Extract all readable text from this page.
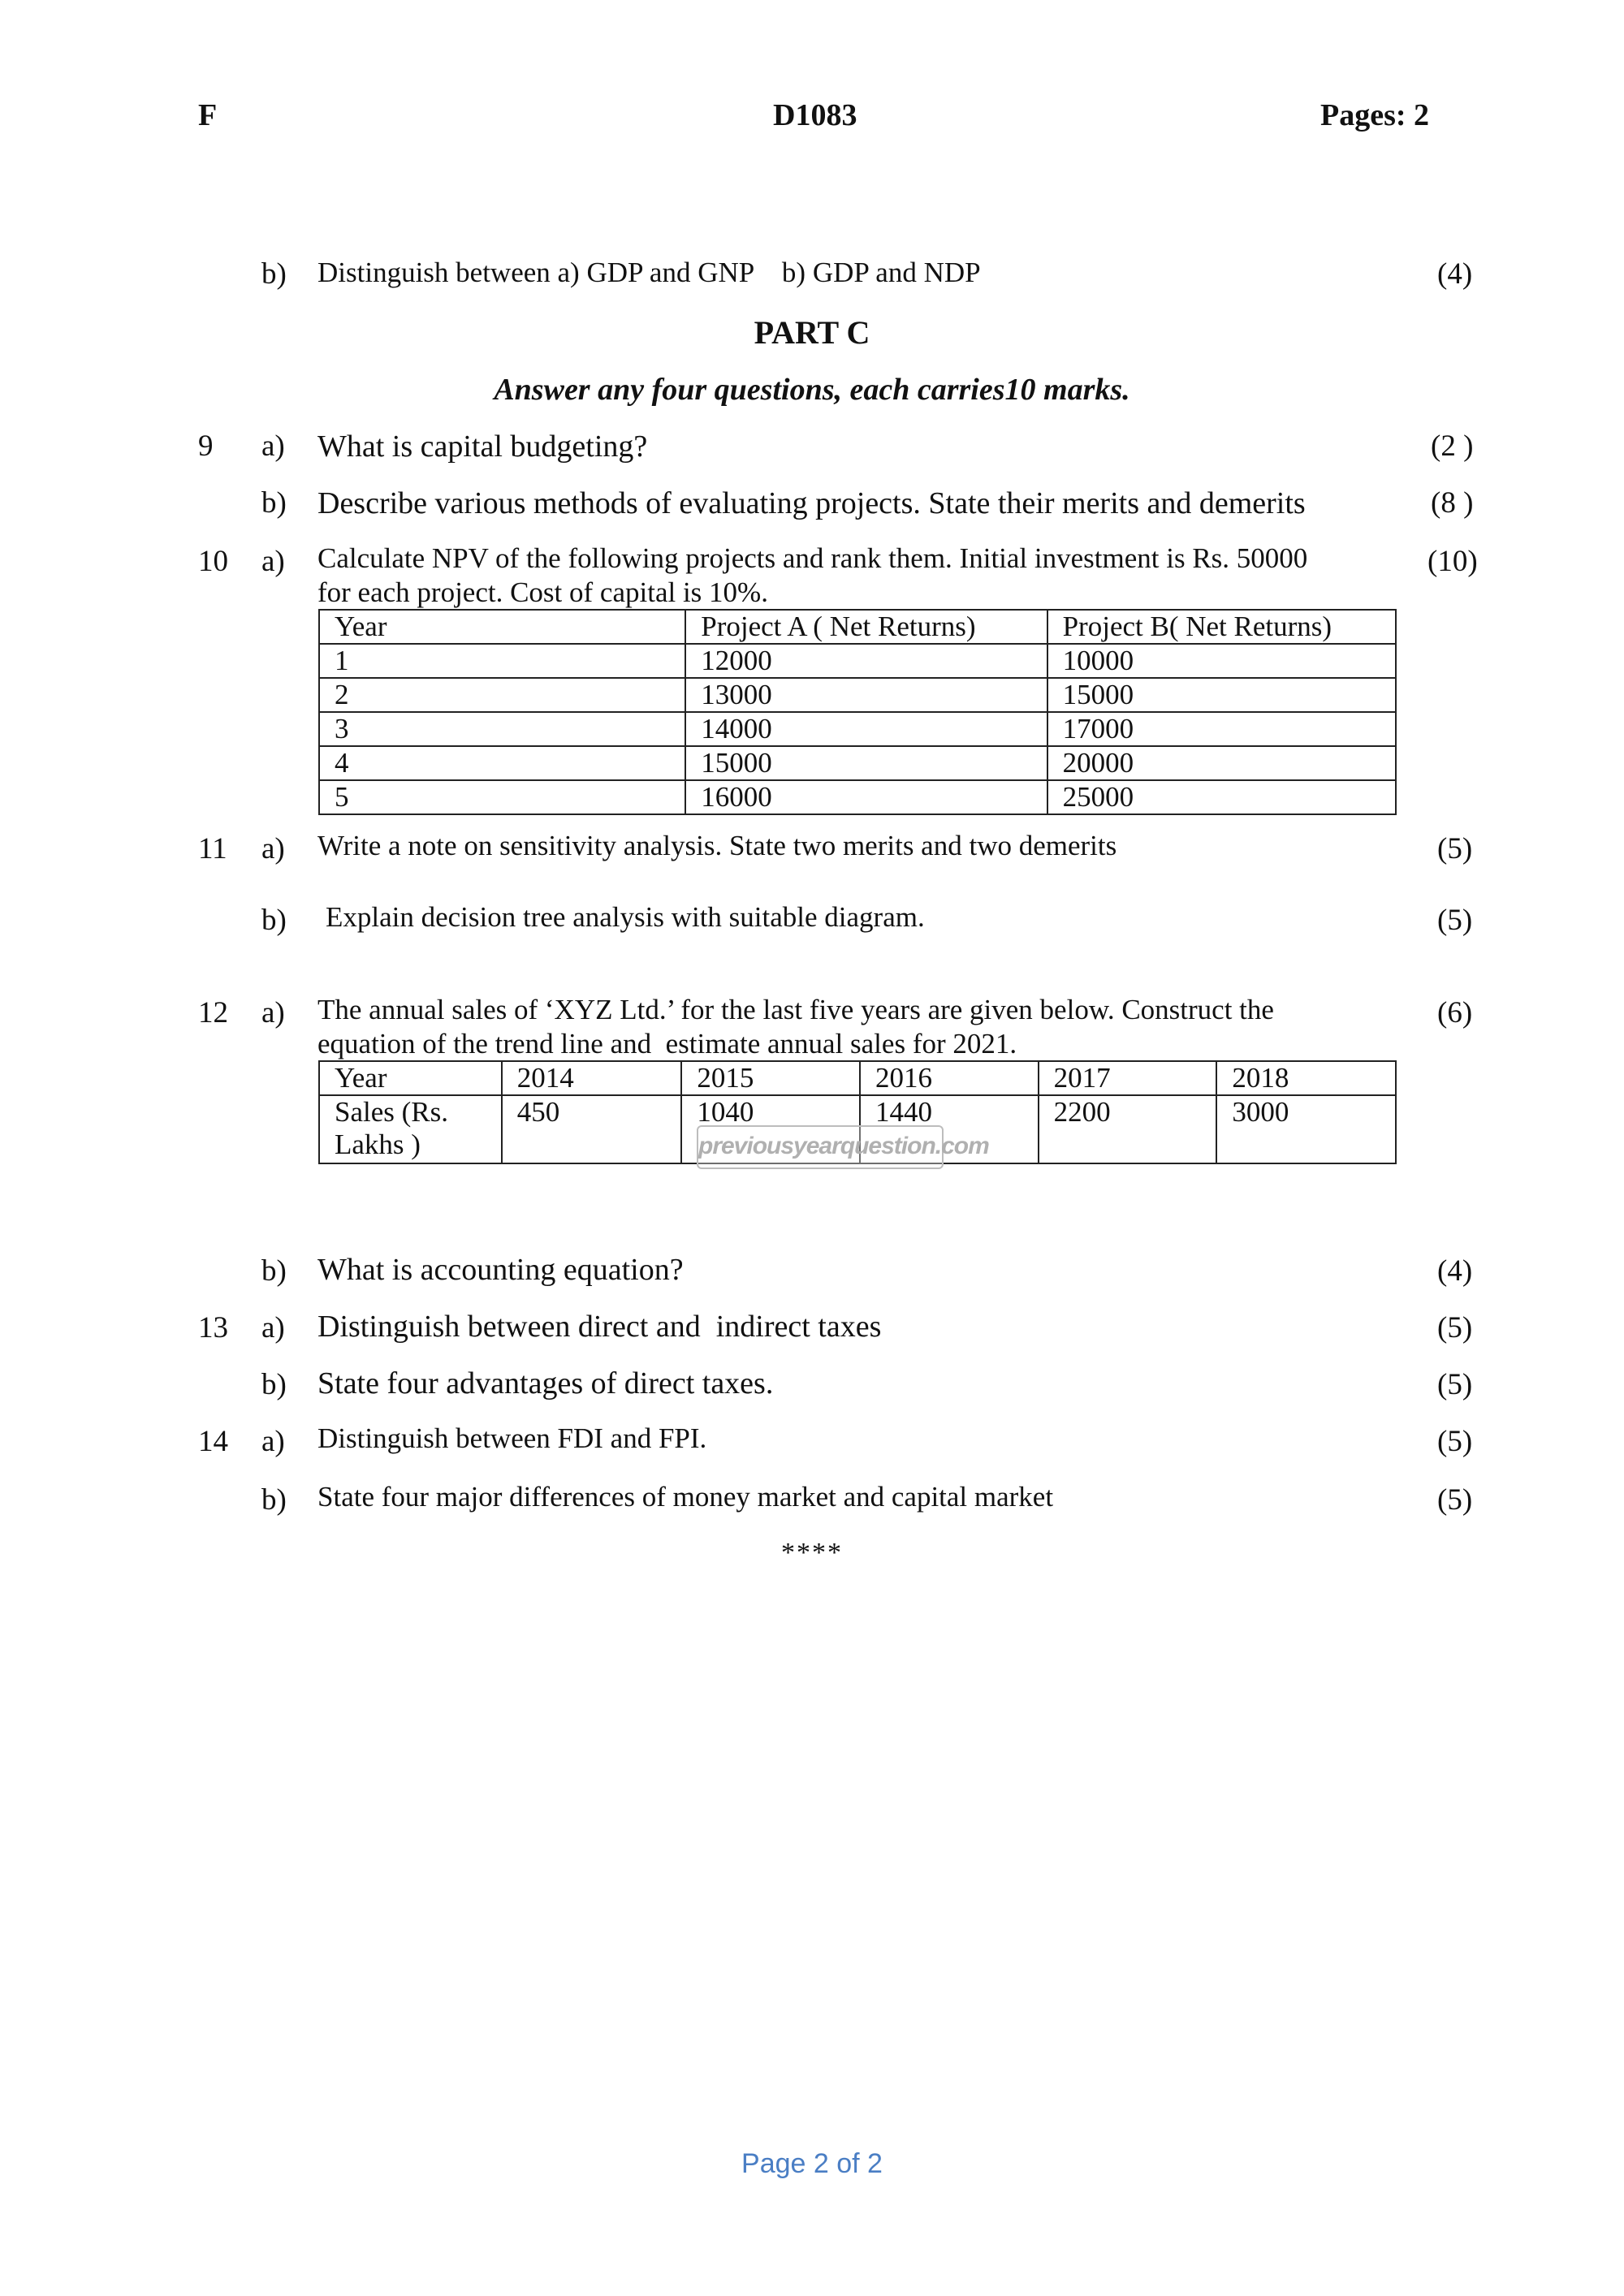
F	D1083	Pages: 2
b) Distinguish between a) GDP and GNP    b) GDP and NDP	(4)
PART C
Answer any four questions, each carries10 marks.
9 a) What is capital budgeting?	(2 )
b) Describe various methods of evaluating projects. State their merits and demerits	(8 )
10 a) Calculate NPV of the following projects and rank them. Initial investment is Rs. 50000
for each project. Cost of capital is 10%.
(10)
Year	Project A ( Net Returns)	Project B( Net Returns)
1	12000	10000
2	13000	15000
3	14000	17000
4	15000	20000
5	16000	25000
11 a) Write a note on sensitivity analysis. State two merits and two demerits	(5)
b) Explain decision tree analysis with suitable diagram.	(5)
12 a) The annual sales of ‘XYZ Ltd.’ for the last five years are given below. Construct the
equation of the trend line and  estimate annual sales for 2021.
(6)
Year	2014	2015	2016	2017	2018

Sales (Rs.
Lakhs )	450	1040	1440	2200	3000
previousyearquestion.com
b) What is accounting equation?	(4)
13 a) Distinguish between direct and  indirect taxes	(5)
b) State four advantages of direct taxes.	(5)
14 a) Distinguish between FDI and FPI.	(5)
b) State four major differences of money market and capital market	(5)
****
Page 2 of 2
